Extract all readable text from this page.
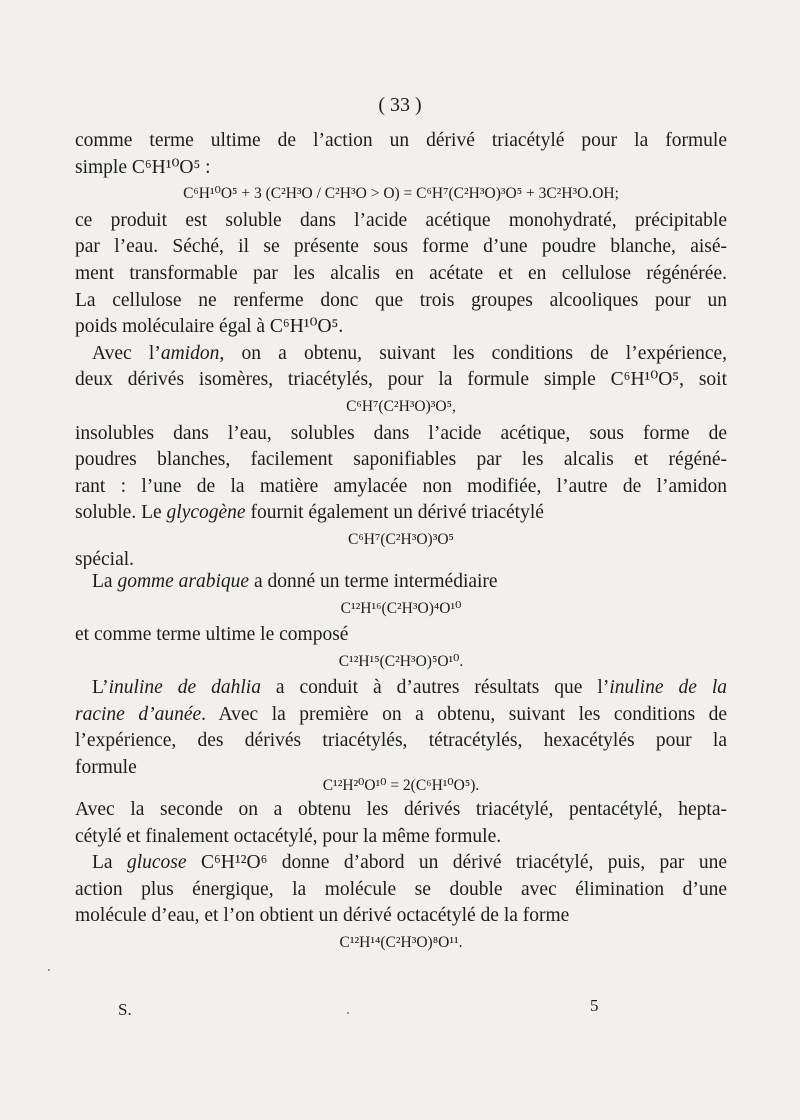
( 33 )
comme terme ultime de l’action un dérivé triacétylé pour la formule
simple C⁶H¹⁰O⁵ :
C⁶H¹⁰O⁵ + 3 (C²H³O / C²H³O > O) = C⁶H⁷(C²H³O)³O⁵ + 3C²H³O.OH;
ce produit est soluble dans l’acide acétique monohydraté, précipitable
par l’eau. Séché, il se présente sous forme d’une poudre blanche, aisé-
ment transformable par les alcalis en acétate et en cellulose régénérée.
La cellulose ne renferme donc que trois groupes alcooliques pour un
poids moléculaire égal à C⁶H¹⁰O⁵.
Avec l’amidon, on a obtenu, suivant les conditions de l’expérience,
deux dérivés isomères, triacétylés, pour la formule simple C⁶H¹⁰O⁵, soit
C⁶H⁷(C²H³O)³O⁵,
insolubles dans l’eau, solubles dans l’acide acétique, sous forme de
poudres blanches, facilement saponifiables par les alcalis et régéné-
rant : l’une de la matière amylacée non modifiée, l’autre de l’amidon
soluble. Le glycogène fournit également un dérivé triacétylé
C⁶H⁷(C²H³O)³O⁵
spécial.
La gomme arabique a donné un terme intermédiaire
C¹²H¹⁶(C²H³O)⁴O¹⁰
et comme terme ultime le composé
C¹²H¹⁵(C²H³O)⁵O¹⁰.
L’inuline de dahlia a conduit à d’autres résultats que l’inuline de la
racine d’aunée. Avec la première on a obtenu, suivant les conditions de
l’expérience, des dérivés triacétylés, tétracétylés, hexacétylés pour la
formule
C¹²H²⁰O¹⁰ = 2(C⁶H¹⁰O⁵).
Avec la seconde on a obtenu les dérivés triacétylé, pentacétylé, hepta-
cétylé et finalement octacétylé, pour la même formule.
La glucose C⁶H¹²O⁶ donne d’abord un dérivé triacétylé, puis, par une
action plus énergique, la molécule se double avec élimination d’une
molécule d’eau, et l’on obtient un dérivé octacétylé de la forme
C¹²H¹⁴(C²H³O)⁸O¹¹.
S.	5
